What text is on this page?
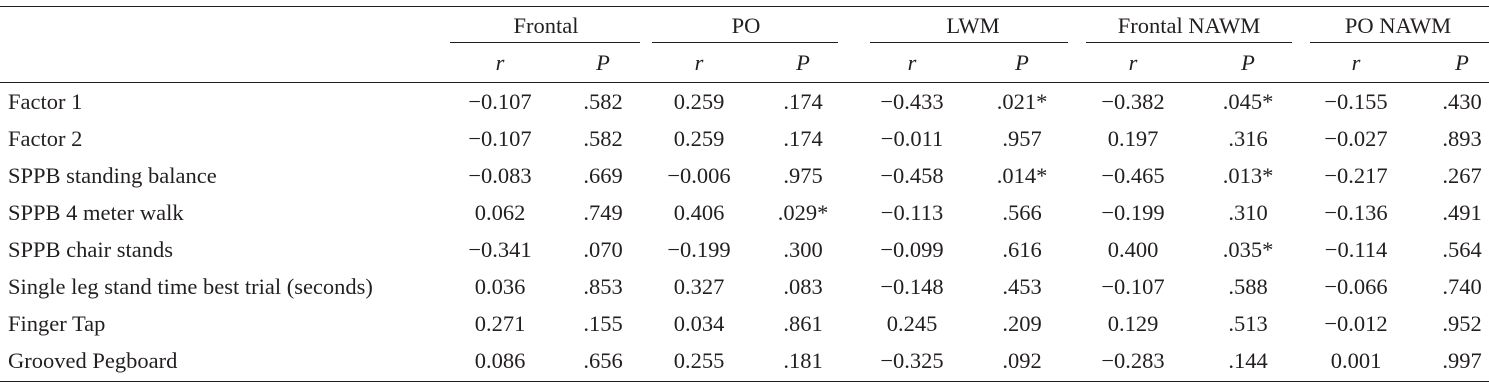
Frontal	PO	LWM	Frontal NAWM	PO NAWM
r	P	r	P	r	P	r	P	r	P
Factor 1	−0.107 .582 0.259	.174	−0.433 .021* −0.382	.045* −0.155 .430
Factor 2	−0.107 .582 0.259	.174	−0.011	.957	0.197	.316	−0.027 .893
SPPB standing balance	−0.083 .669 −0.006 .975	−0.458 .014* −0.465	.013* −0.217 .267
SPPB 4 meter walk	0.062	.749 0.406 .029* −0.113	.566	−0.199	.310	−0.136 .491
SPPB chair stands	−0.341 .070 −0.199 .300	−0.099	.616	0.400	.035* −0.114 .564
Single leg stand time best trial (seconds)	0.036	.853 0.327	.083	−0.148	.453	−0.107	.588	−0.066 .740
Finger Tap	0.271	.155 0.034	.861	0.245	.209	0.129	.513	−0.012 .952
Grooved Pegboard	0.086	.656 0.255	.181	−0.325	.092	−0.283	.144	0.001	.997
